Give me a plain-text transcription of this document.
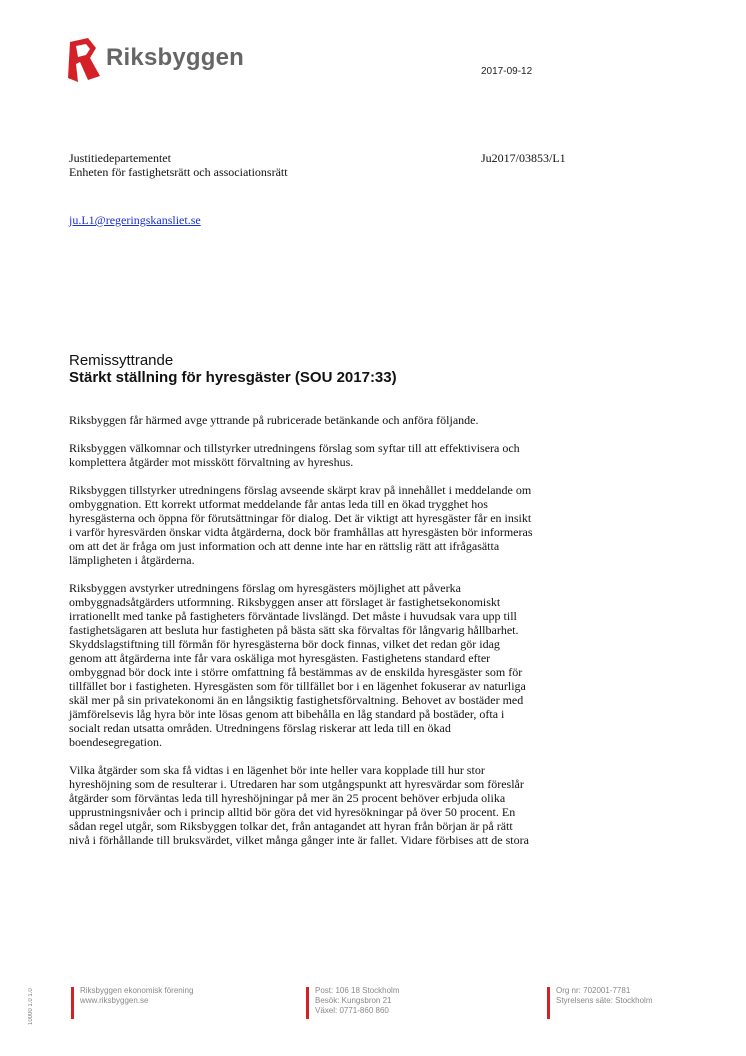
Riksbyggen
2017-09-12
Justitiedepartementet
Enheten för fastighetsrätt och associationsrätt
Ju2017/03853/L1
ju.L1@regeringskansliet.se
Remissyttrande
Stärkt ställning för hyresgäster (SOU 2017:33)

Riksbyggen får härmed avge yttrande på rubricerade betänkande och anföra följande.

Riksbyggen välkomnar och tillstyrker utredningens förslag som syftar till att effektivisera och
komplettera åtgärder mot misskött förvaltning av hyreshus.

Riksbyggen tillstyrker utredningens förslag avseende skärpt krav på innehållet i meddelande om
ombyggnation. Ett korrekt utformat meddelande får antas leda till en ökad trygghet hos
hyresgästerna och öppna för förutsättningar för dialog. Det är viktigt att hyresgäster får en insikt
i varför hyresvärden önskar vidta åtgärderna, dock bör framhållas att hyresgästen bör informeras
om att det är fråga om just information och att denne inte har en rättslig rätt att ifrågasätta
lämpligheten i åtgärderna.

Riksbyggen avstyrker utredningens förslag om hyresgästers möjlighet att påverka
ombyggnadsåtgärders utformning. Riksbyggen anser att förslaget är fastighetsekonomiskt
irrationellt med tanke på fastigheters förväntade livslängd. Det måste i huvudsak vara upp till
fastighetsägaren att besluta hur fastigheten på bästa sätt ska förvaltas för långvarig hållbarhet.
Skyddslagstiftning till förmån för hyresgästerna bör dock finnas, vilket det redan gör idag
genom att åtgärderna inte får vara oskäliga mot hyresgästen. Fastighetens standard efter
ombyggnad bör dock inte i större omfattning få bestämmas av de enskilda hyresgäster som för
tillfället bor i fastigheten. Hyresgästen som för tillfället bor i en lägenhet fokuserar av naturliga
skäl mer på sin privatekonomi än en långsiktig fastighetsförvaltning. Behovet av bostäder med
jämförelsevis låg hyra bör inte lösas genom att bibehålla en låg standard på bostäder, ofta i
socialt redan utsatta områden. Utredningens förslag riskerar att leda till en ökad
boendesegregation.

Vilka åtgärder som ska få vidtas i en lägenhet bör inte heller vara kopplade till hur stor
hyreshöjning som de resulterar i. Utredaren har som utgångspunkt att hyresvärdar som föreslår
åtgärder som förväntas leda till hyreshöjningar på mer än 25 procent behöver erbjuda olika
upprustningsnivåer och i princip alltid bör göra det vid hyresökningar på över 50 procent. En
sådan regel utgår, som Riksbyggen tolkar det, från antagandet att hyran från början är på rätt
nivå i förhållande till bruksvärdet, vilket många gånger inte är fallet. Vidare förbises att de stora

10000 1.0 1.0	Riksbyggen ekonomisk förening
www.riksbyggen.se
Post: 106 18 Stockholm
Besök: Kungsbron 21
Växel: 0771-860 860
Org nr: 702001-7781
Styrelsens säte: Stockholm
